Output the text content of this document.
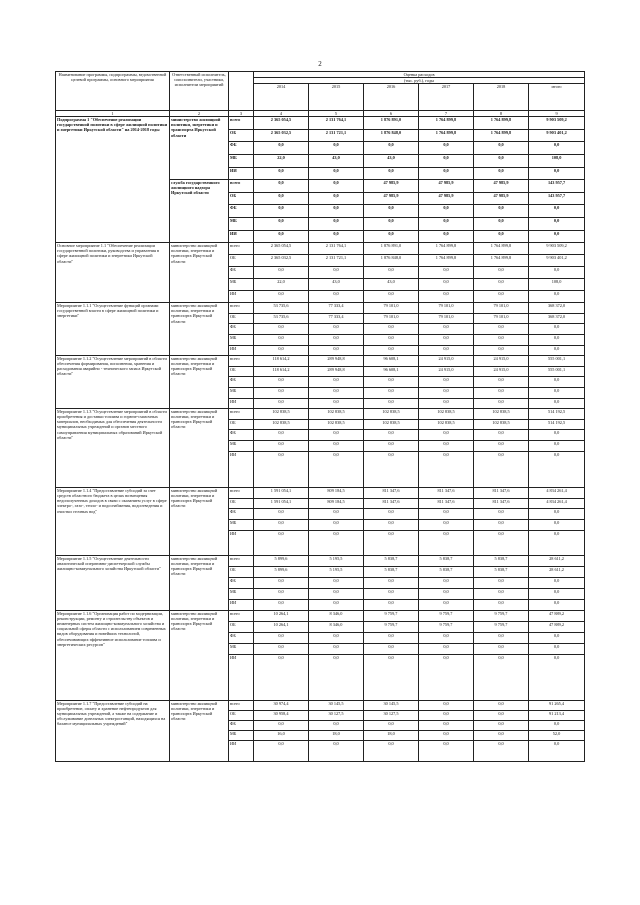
2
Наименование программы, подпрограммы, ведомственной целевой программы, основного мероприятия	Ответственный исполнитель, соисполнители, участники, исполнители мероприятий		Оценка расходов					
			(тыс. руб.), годы					
			2014	2015	2016	2017	2018	итого
1	2	3	4	5	6	7	8	9
Подпрограмма 1 "Обеспечение реализации государственной политики в сфере жилищной политики и энергетики Иркутской области" на 2014-2018 годы	министерство жилищной политики, энергетики и транспорта Иркутской области	всего	2 365 054,5	2 131 764,1	1 876 891,0	1 764 899,8	1 764 899,8	9 903 509,2
		ОБ	2 365 032,5	2 131 721,1	1 876 848,0	1 764 899,8	1 764 899,8	9 903 401,2
		ФБ	0,0	0,0	0,0	0,0	0,0	0,0
		МБ	22,0	43,0	43,0	0,0	0,0	108,0
		ИИ	0,0	0,0	0,0	0,0	0,0	0,0
	служба государственного жилищного надзора Иркутской области	всего	0,0	0,0	47 985,9	47 985,9	47 985,9	143 957,7
		ОБ	0,0	0,0	47 985,9	47 985,9	47 985,9	143 957,7
		ФБ	0,0	0,0	0,0	0,0	0,0	0,0
		МБ	0,0	0,0	0,0	0,0	0,0	0,0
		ИИ	0,0	0,0	0,0	0,0	0,0	0,0
Основное мероприятие 1.1 "Обеспечение реализации государственной политики, руководства и управления в сфере жилищной политики и энергетики Иркутской области"	министерство жилищной политики, энергетики и транспорта Иркутской области	всего	2 365 054,5	2 131 764,1	1 876 891,0	1 764 899,8	1 764 899,8	9 903 509,2
		ОБ	2 365 032,5	2 131 721,1	1 876 848,0	1 764 899,8	1 764 899,8	9 903 401,2
		ФБ	0,0	0,0	0,0	0,0	0,0	0,0
		МБ	22,0	43,0	43,0	0,0	0,0	108,0
		ИИ	0,0	0,0	0,0	0,0	0,0	0,0
Мероприятие 1.1.1 "Осуществление функций органами государственной власти в сфере жилищной политики и энергетики"	министерство жилищной политики, энергетики и транспорта Иркутской области	всего	53 735,6	77 333,4	79 101,0	79 101,0	79 101,0	368 372,0
		ОБ	53 735,6	77 333,4	79 101,0	79 101,0	79 101,0	368 372,0
		ФБ	0,0	0,0	0,0	0,0	0,0	0,0
		МБ	0,0	0,0	0,0	0,0	0,0	0,0
		ИИ	0,0	0,0	0,0	0,0	0,0	0,0
Мероприятие 1.1.2 "Осуществление мероприятий в области обеспечения формирования, пополнения, хранения и расходования аварийно - технического запаса Иркутской области"	министерство жилищной политики, энергетики и транспорта Иркутской области	всего	118 614,2	289 948,8	96 608,1	24 915,0	24 915,0	555 001,1
		ОБ	118 614,2	289 948,8	96 608,1	24 915,0	24 915,0	555 001,1
		ФБ	0,0	0,0	0,0	0,0	0,0	0,0
		МБ	0,0	0,0	0,0	0,0	0,0	0,0
		ИИ	0,0	0,0	0,0	0,0	0,0	0,0
Мероприятие 1.1.3 "Осуществление мероприятий в области приобретения и доставки топлива и горюче-смазочных материалов, необходимых для обеспечения деятельности муниципальных учреждений и органов местного самоуправления муниципальных образований Иркутской области"	министерство жилищной политики, энергетики и транспорта Иркутской области	всего	102 838,5	102 838,5	102 838,5	102 838,5	102 838,5	514 192,5
		ОБ	102 838,5	102 838,5	102 838,5	102 838,5	102 838,5	514 192,5
		ФБ	0,0	0,0	0,0	0,0	0,0	0,0
		МБ	0,0	0,0	0,0	0,0	0,0	0,0
		ИИ	0,0	0,0	0,0	0,0	0,0	0,0
Мероприятие 1.1.4 "Предоставление субсидий за счет средств областного бюджета в целях возмещения недополученных доходов в связи с оказанием услуг в сфере электро-, газо-, тепло- и водоснабжения, водоотведения и очистки сточных вод"	министерство жилищной политики, энергетики и транспорта Иркутской области	всего	1 591 054,1	809 184,5	811 347,6	811 347,6	811 347,6	4 834 261,4
		ОБ	1 591 054,1	809 184,5	811 347,6	811 347,6	811 347,6	4 834 261,4
		ФБ	0,0	0,0	0,0	0,0	0,0	0,0
		МБ	0,0	0,0	0,0	0,0	0,0	0,0
		ИИ	0,0	0,0	0,0	0,0	0,0	0,0
Мероприятие 1.1.5 "Осуществление деятельности аналитической оперативно-диспетчерской службы жилищно-коммунального хозяйства Иркутской области"	министерство жилищной политики, энергетики и транспорта Иркутской области	всего	5 899,6	5 195,5	5 838,7	5 838,7	5 838,7	28 611,2
		ОБ	5 899,6	5 195,5	5 838,7	5 838,7	5 838,7	28 611,2
		ФБ	0,0	0,0	0,0	0,0	0,0	0,0
		МБ	0,0	0,0	0,0	0,0	0,0	0,0
		ИИ	0,0	0,0	0,0	0,0	0,0	0,0
Мероприятие 1.1.6 "Организация работ по модернизации, реконструкции, ремонту и строительству объектов и инженерных систем жилищно-коммунального хозяйства и социальной сферы области с использованием современных видов оборудования и новейших технологий, обеспечивающих эффективное использование топлива и энергетических ресурсов"	министерство жилищной политики, энергетики и транспорта Иркутской области	всего	10 264,1	8 346,0	9 759,7	9 759,7	9 759,7	47 889,2
		ОБ	10 264,1	8 346,0	9 759,7	9 759,7	9 759,7	47 889,2
		ФБ	0,0	0,0	0,0	0,0	0,0	0,0
		МБ	0,0	0,0	0,0	0,0	0,0	0,0
		ИИ	0,0	0,0	0,0	0,0	0,0	0,0
Мероприятие 1.1.7 "Предоставление субсидий на приобретение, оплату и хранение нефтепродуктов для муниципальных учреждений, а также на содержание и обслуживание дизельных электростанций, находящихся на балансе муниципальных учреждений"	министерство жилищной политики, энергетики и транспорта Иркутской области	всего	30 974,4	30 145,5	30 145,5	0,0	0,0	91 265,4
		ОБ	30 958,4	30 127,5	30 127,5	0,0	0,0	91 213,4
		ФБ	0,0	0,0	0,0	0,0	0,0	0,0
		МБ	16,0	18,0	18,0	0,0	0,0	52,0
		ИИ	0,0	0,0	0,0	0,0	0,0	0,0
